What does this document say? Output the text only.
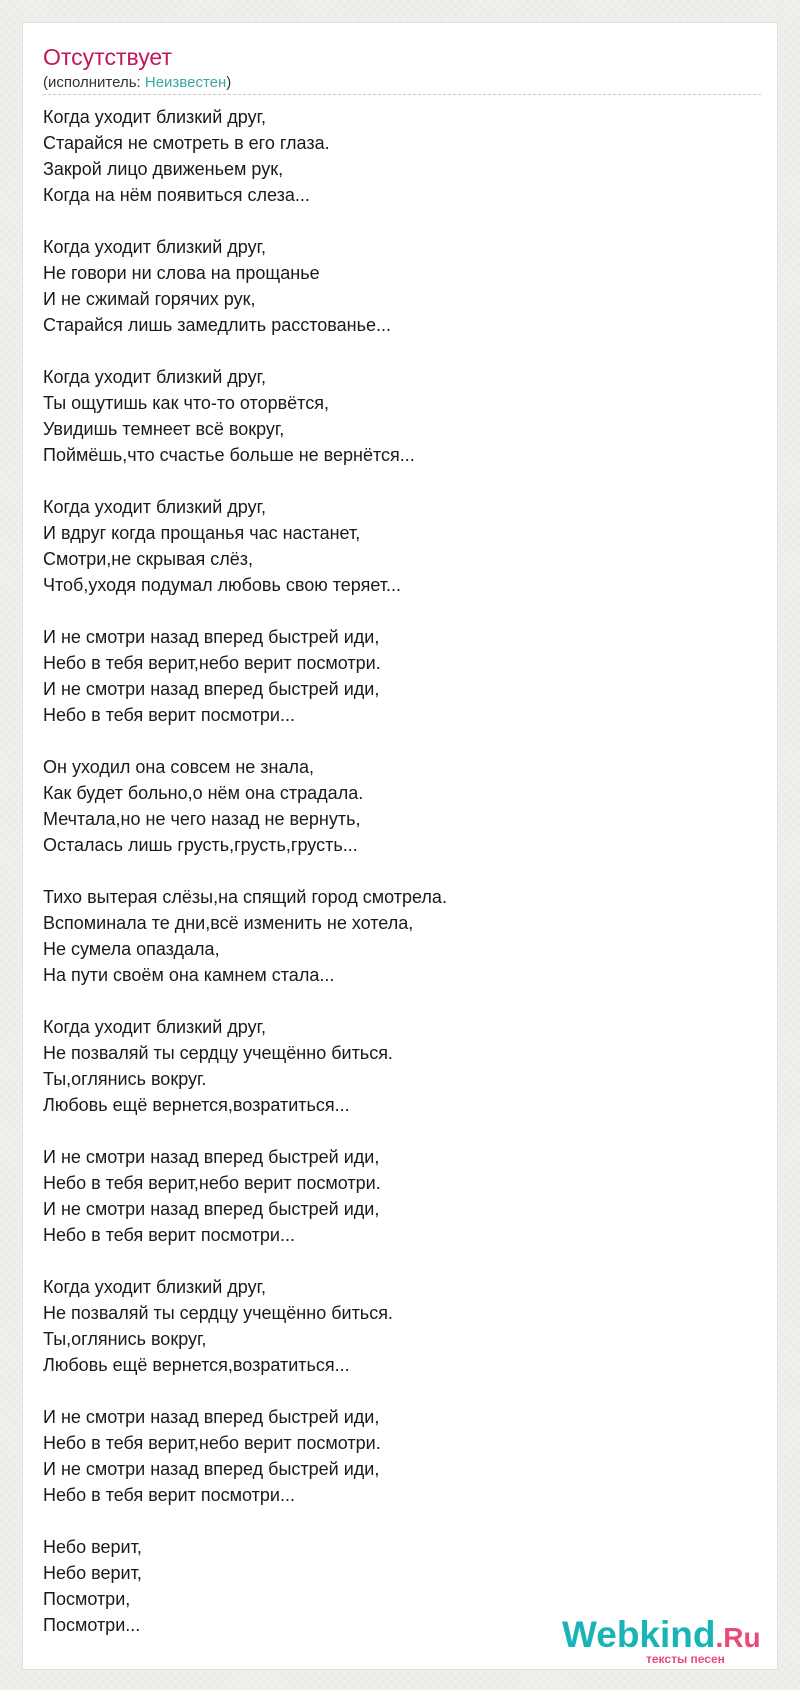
Отсутствует
(исполнитель: Неизвестен)
Когда уходит близкий друг,
Старайся не смотреть в его глаза.
Закрой лицо движеньем рук,
Когда на нём появиться слеза...
Когда уходит близкий друг,
Не говори ни слова на прощанье
И не сжимай горячих рук,
Старайся лишь замедлить расстованье...
Когда уходит близкий друг,
Ты ощутишь как что-то оторвётся,
Увидишь темнеет всё вокруг,
Поймёшь,что счастье больше не вернётся...
Когда уходит близкий друг,
И вдруг когда прощанья час настанет,
Смотри,не скрывая слёз,
Чтоб,уходя подумал любовь свою теряет...
И не смотри назад вперед быстрей иди,
Небо в тебя верит,небо верит посмотри.
И не смотри назад вперед быстрей иди,
Небо в тебя верит посмотри...
Он уходил она совсем не знала,
Как будет больно,о нём она страдала.
Мечтала,но не чего назад не вернуть,
Осталась лишь грусть,грусть,грусть...
Тихо вытерая слёзы,на спящий город смотрела.
Вспоминала те дни,всё изменить не хотела,
Не сумела опаздала,
На пути своём она камнем стала...
Когда уходит близкий друг,
Не позваляй ты сердцу учещённо биться.
Ты,оглянись вокруг.
Любовь ещё вернется,возратиться...
И не смотри назад вперед быстрей иди,
Небо в тебя верит,небо верит посмотри.
И не смотри назад вперед быстрей иди,
Небо в тебя верит посмотри...
Когда уходит близкий друг,
Не позваляй ты сердцу учещённо биться.
Ты,оглянись вокруг,
Любовь ещё вернется,возратиться...
И не смотри назад вперед быстрей иди,
Небо в тебя верит,небо верит посмотри.
И не смотри назад вперед быстрей иди,
Небо в тебя верит посмотри...
Небо верит,
Небо верит,
Посмотри,
Посмотри...	Webkind.Ru
тексты песен
